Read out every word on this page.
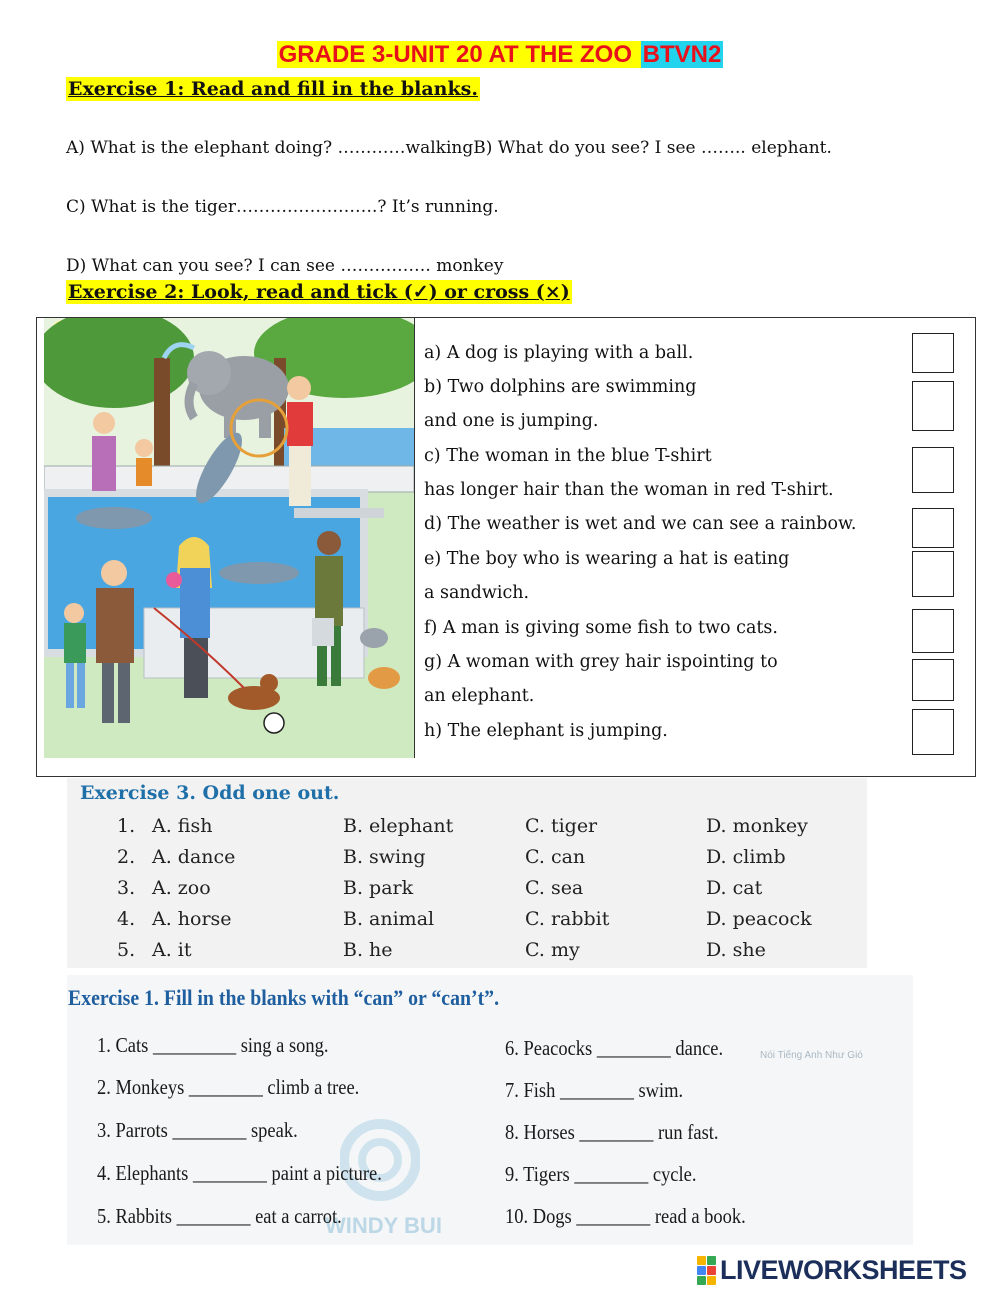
GRADE 3-UNIT 20 AT THE ZOO BTVN2
Exercise 1: Read and fill in the blanks.
A) What is the elephant doing? …………walkingB) What do you see? I see …….. elephant.
C) What is the tiger…………………….? It’s running.
D) What can you see? I can see ……………. monkey
Exercise 2: Look, read and tick (✓) or cross (×)
a) A dog is playing with a ball.
b) Two dolphins are swimming
and one is jumping.
c) The woman in the blue T-shirt
has longer hair than the woman in red T-shirt.
d) The weather is wet and we can see a rainbow.
e) The boy who is wearing a hat is eating
a sandwich.
f) A man is giving some fish to two cats.
g) A woman with grey hair ispointing to
an elephant.
h) The elephant is jumping.
Exercise 3. Odd one out.
1. A. fish	B. elephant	C. tiger	D. monkey
2. A. dance	B. swing	C. can	D. climb
3. A. zoo	B. park	C. sea	D. cat
4. A. horse	B. animal	C. rabbit	D. peacock
5. A. it	B. he	C. my	D. she
WINDY BUI
Nói Tiếng Anh Như Gió
Exercise 1. Fill in the blanks with “can” or “can’t”.
1. Cats _________ sing a song.
2. Monkeys ________ climb a tree.
3. Parrots ________ speak.
4. Elephants ________ paint a picture.
5. Rabbits ________ eat a carrot.
6. Peacocks ________ dance.
7. Fish ________ swim.
8. Horses ________ run fast.
9. Tigers ________ cycle.
10. Dogs ________ read a book.
LIVEWORKSHEETS
